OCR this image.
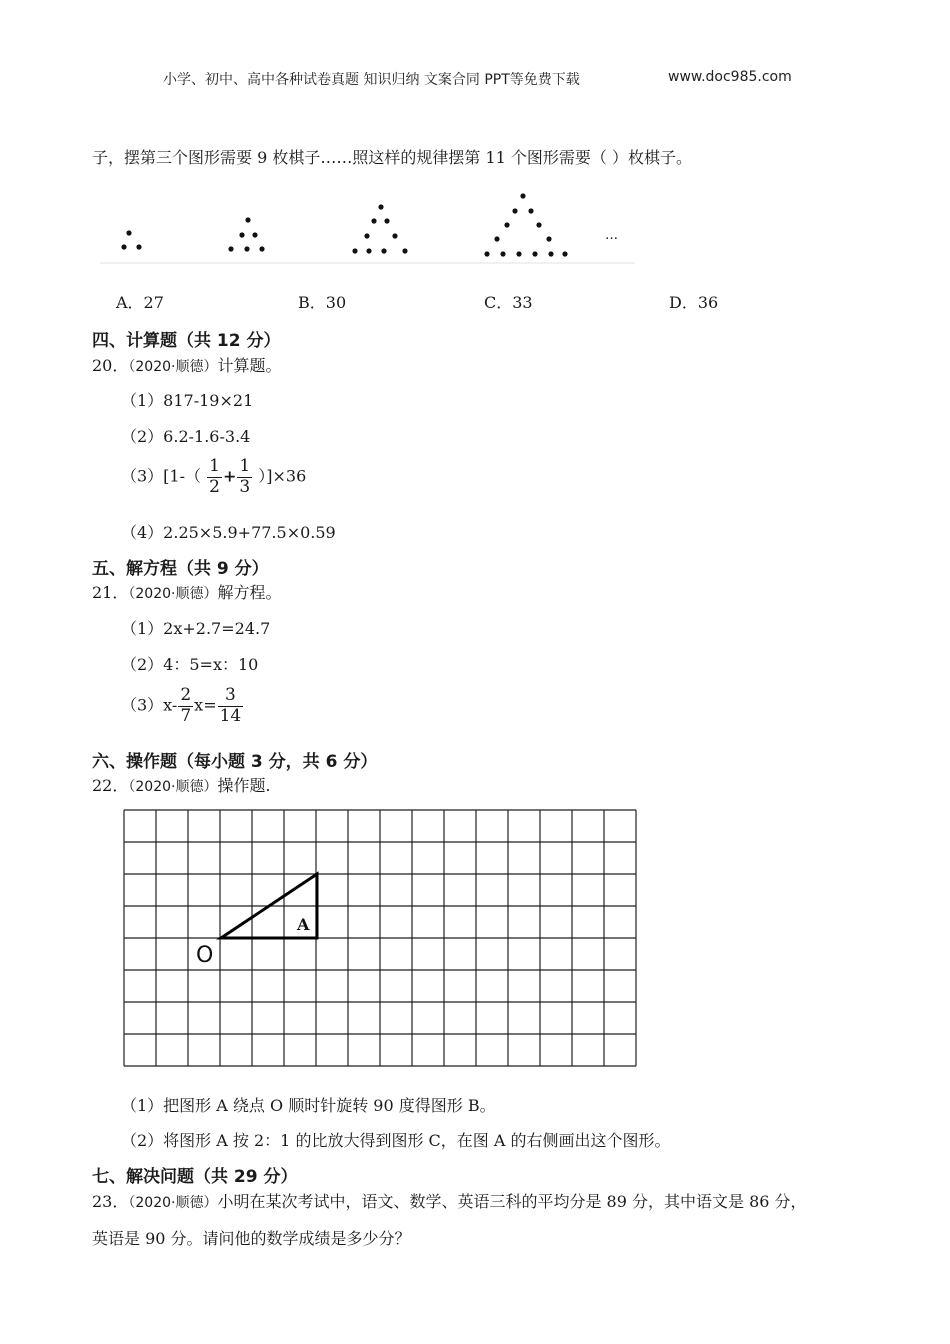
小学、初中、高中各种试卷真题 知识归纳 文案合同 PPT等免费下载	www.doc985.com
子，摆第三个图形需要 9 枚棋子……照这样的规律摆第 11 个图形需要（ ）枚棋子。
…
A．27	B．30	C．33	D．36
四、计算题（共 12 分）
20．（2020·顺德）计算题。
（1）817-19×21
（2）6.2-1.6-3.4
$(3)[1-( \frac{1}{2} + \frac{1}{3} )]\times 36$
（4）2.25×5.9+77.5×0.59
五、解方程（共 9 分）
21．（2020·顺德）解方程。
（1）2x+2.7=24.7
（2）4：5=x：10
$(3)x- \frac{2}{7} x= \frac{3}{14}$
六、操作题（每小题 3 分，共 6 分）
22．（2020·顺德）操作题.
A
O
（1）把图形 A 绕点 O 顺时针旋转 90 度得图形 B。
（2）将图形 A 按 2：1 的比放大得到图形 C，在图 A 的右侧画出这个图形。
七、解决问题（共 29 分）
23．（2020·顺德）小明在某次考试中，语文、数学、英语三科的平均分是 89 分，其中语文是 86 分，
英语是 90 分。请问他的数学成绩是多少分？
